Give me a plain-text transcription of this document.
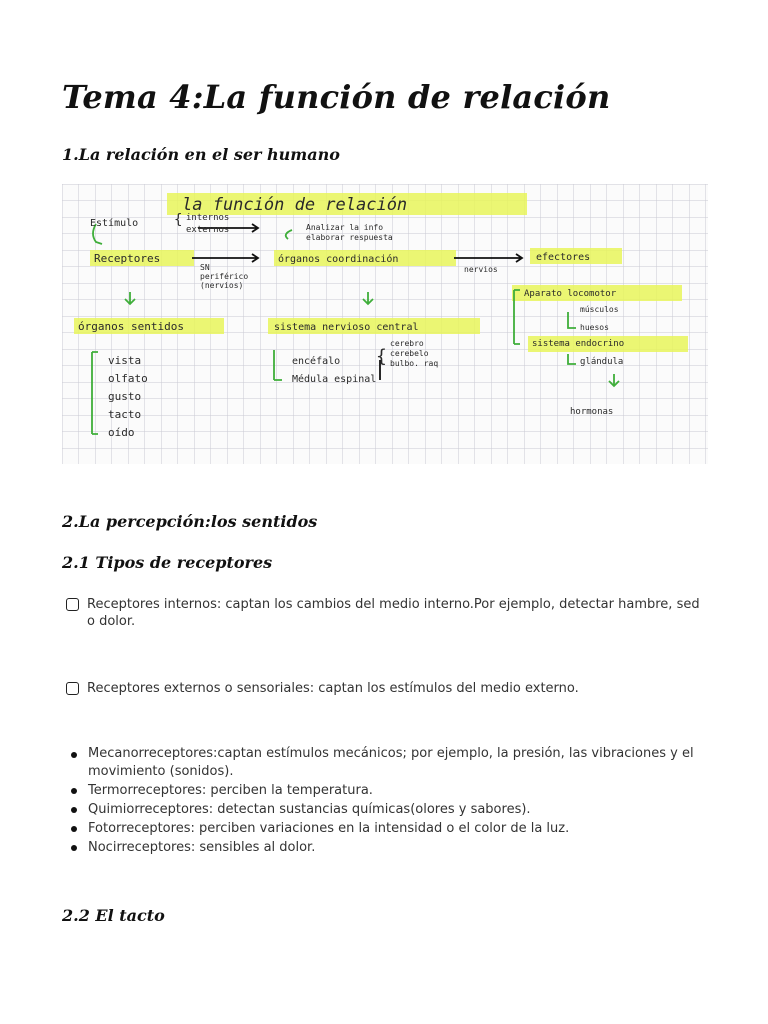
Tema 4:La función de relación
1.La relación en el ser humano
la función de relación
Estímulo	{ internos
externos	Analizar la info
elaborar respuesta
Receptores
SN
periférico
(nervios)
órganos coordinación
nervios
efectores
órganos sentidos	sistema nervioso central
vista
olfato
gusto
tacto
oído
encéfalo {
cerebro
cerebelo
bulbo. raq
Médula espinal
Aparato locomotor
músculos
huesos
sistema endocrino
glándula
hormonas
2.La percepción:los sentidos
2.1 Tipos de receptores
Receptores internos: captan los cambios del medio interno.Por ejemplo, detectar hambre, sed o dolor.
Receptores externos o sensoriales: captan los estímulos del medio externo.
Mecanorreceptores:captan estímulos mecánicos; por ejemplo, la presión, las vibraciones y el movimiento (sonidos).
Termorreceptores: perciben la temperatura.
Quimiorreceptores: detectan sustancias químicas(olores y sabores).
Fotorreceptores: perciben variaciones en la intensidad o el color de la luz.
Nocirreceptores: sensibles al dolor.
2.2 El tacto
